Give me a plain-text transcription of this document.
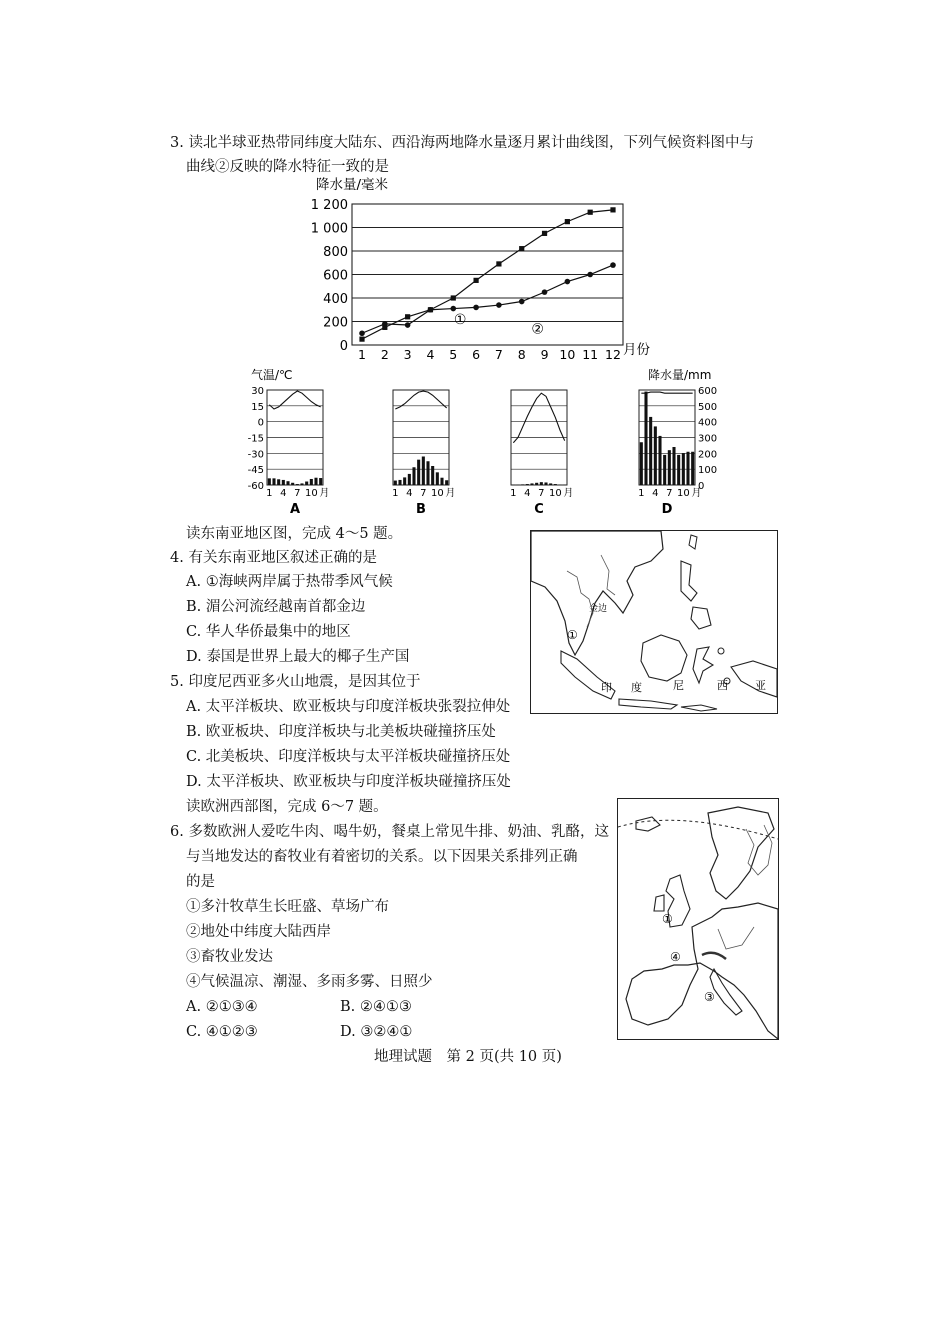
3. 读北半球亚热带同纬度大陆东、西沿海两地降水量逐月累计曲线图，下列气候资料图中与
曲线②反映的降水特征一致的是
降水量/毫米
1 200
1 000
800
600
400
200
0
1 2 3 4 5 6 7 8 9 10 11 12 月份
①
②
气温/℃	降水量/mm
1 4 7 10 月
A
30
15
0
-15
-30
-45
-60
1 4 7 10 月
B
1 4 7 10 月
C
1 4 7 10 月
D
600
500
400
300
200
100
0
读东南亚地区图，完成 4～5 题。
4. 有关东南亚地区叙述正确的是
A. ①海峡两岸属于热带季风气候
B. 湄公河流经越南首都金边
C. 华人华侨最集中的地区
D. 泰国是世界上最大的椰子生产国
5. 印度尼西亚多火山地震，是因其位于
A. 太平洋板块、欧亚板块与印度洋板块张裂拉伸处
B. 欧亚板块、印度洋板块与北美板块碰撞挤压处
C. 北美板块、印度洋板块与太平洋板块碰撞挤压处
D. 太平洋板块、欧亚板块与印度洋板块碰撞挤压处
①
金边
印 度	尼	西 亚
读欧洲西部图，完成 6～7 题。
6. 多数欧洲人爱吃牛肉、喝牛奶，餐桌上常见牛排、奶油、乳酪，这
与当地发达的畜牧业有着密切的关系。以下因果关系排列正确
的是
①多汁牧草生长旺盛、草场广布
②地处中纬度大陆西岸
③畜牧业发达
④气候温凉、潮湿、多雨多雾、日照少
A. ②①③④	B. ②④①③
C. ④①②③	D. ③②④①
①
④
③
地理试题　第 2 页(共 10 页)
